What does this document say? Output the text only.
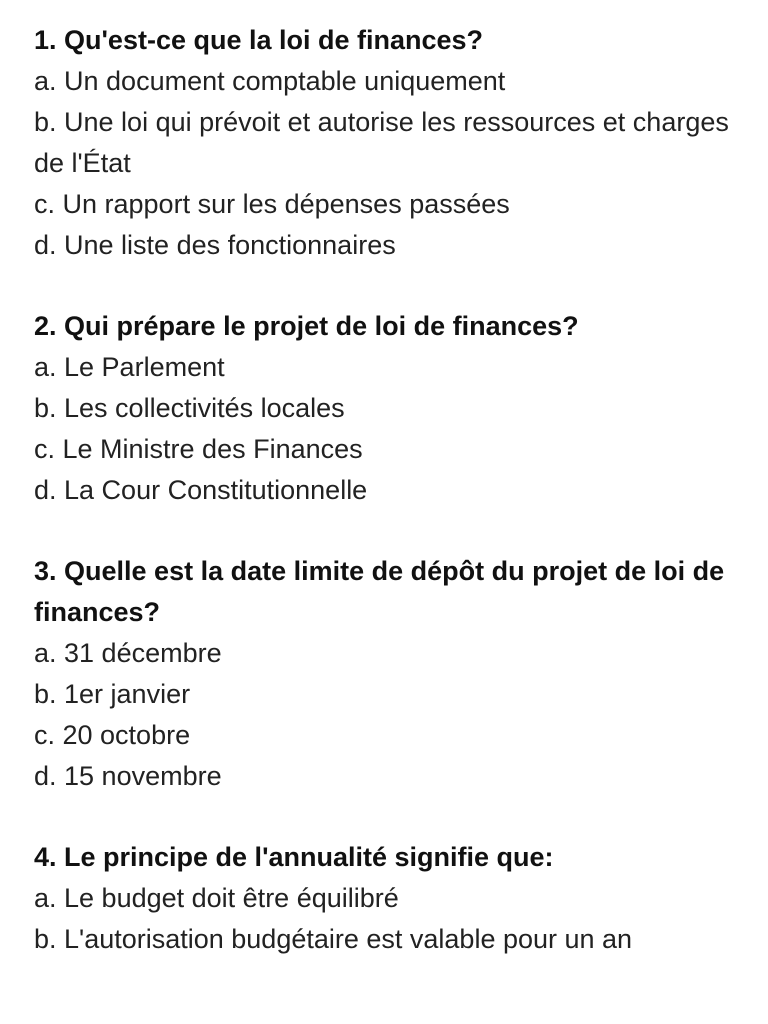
1. Qu'est-ce que la loi de finances?

a. Un document comptable uniquement

b. Une loi qui prévoit et autorise les ressources et charges de l'État

c. Un rapport sur les dépenses passées

d. Une liste des fonctionnaires

2. Qui prépare le projet de loi de finances?

a. Le Parlement

b. Les collectivités locales

c. Le Ministre des Finances

d. La Cour Constitutionnelle

3. Quelle est la date limite de dépôt du projet de loi de finances?

a. 31 décembre

b. 1er janvier

c. 20 octobre

d. 15 novembre

4. Le principe de l'annualité signifie que:

a. Le budget doit être équilibré

b. L'autorisation budgétaire est valable pour un an
